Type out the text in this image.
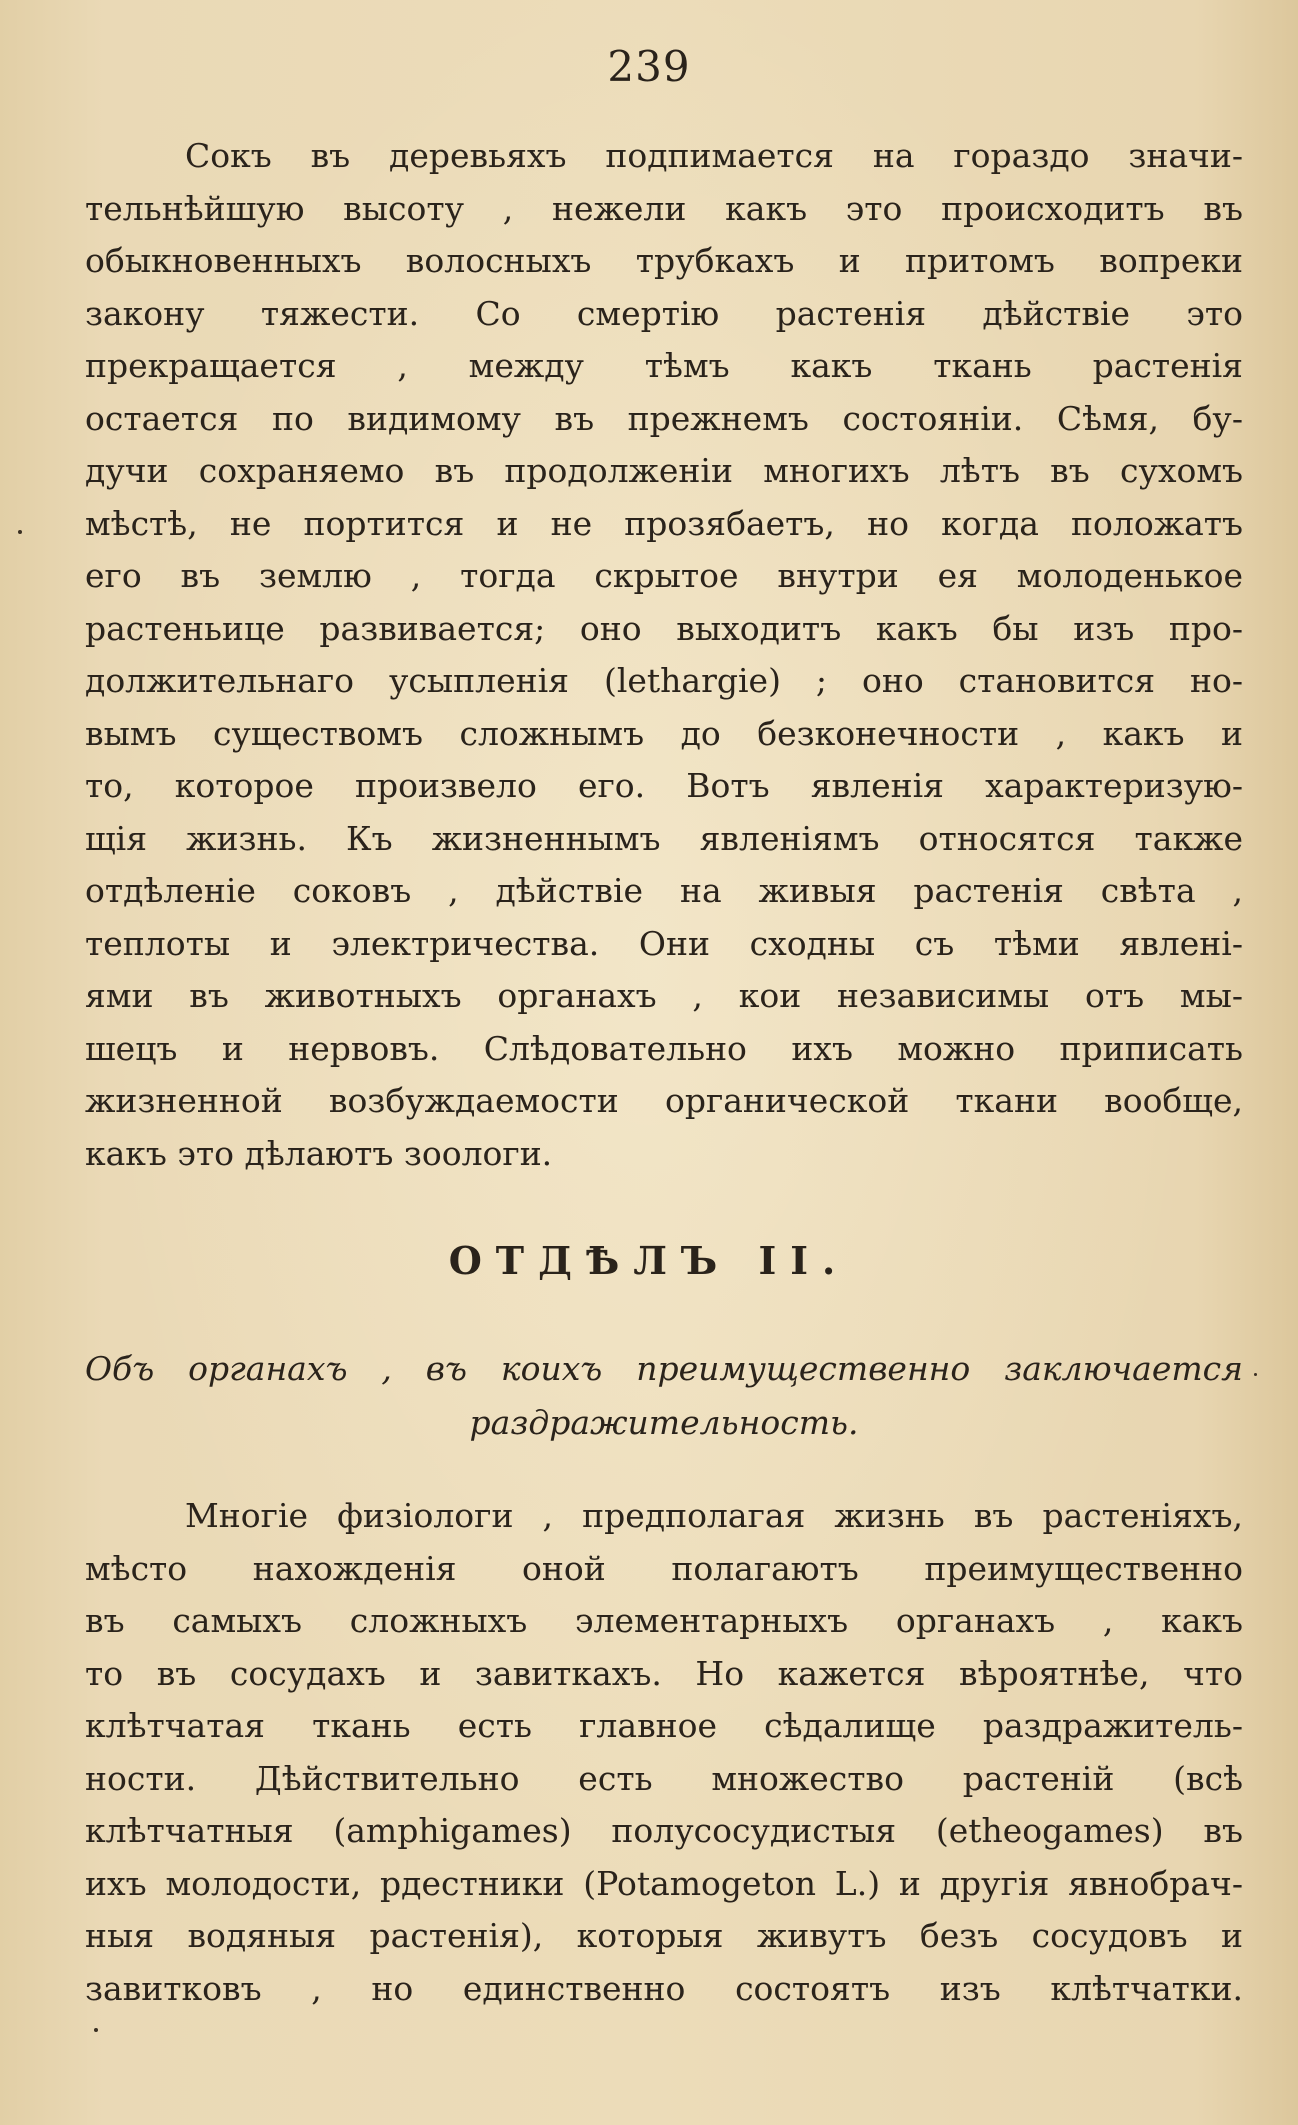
239
Сокъ въ деревьяхъ подпимается на гораздо значи-
тельнѣйшую высоту , нежели какъ это происходитъ въ
обыкновенныхъ волосныхъ трубкахъ и притомъ вопреки
закону тяжести. Со смертію растенія дѣйствіе это
прекращается , между тѣмъ какъ ткань растенія
остается по видимому въ прежнемъ состояніи. Сѣмя, бу-
дучи сохраняемо въ продолженіи многихъ лѣтъ въ сухомъ
мѣстѣ, не портится и не прозябаетъ, но когда положатъ
его въ землю , тогда скрытое внутри ея молоденькое
растеньице развивается; оно выходитъ какъ бы изъ про-
должительнаго усыпленія (lethargie) ; оно становится но-
вымъ существомъ сложнымъ до безконечности , какъ и
то, которое произвело его. Вотъ явленія характеризую-
щія жизнь. Къ жизненнымъ явленіямъ относятся также
отдѣленіе соковъ , дѣйствіе на живыя растенія свѣта ,
теплоты и электричества. Они сходны съ тѣми явлені-
ями въ животныхъ органахъ , кои независимы отъ мы-
шецъ и нервовъ. Слѣдовательно ихъ можно приписать
жизненной возбуждаемости органической ткани вообще,
какъ это дѣлаютъ зоологи.
ОТДѢЛЪ II.
Объ органахъ , въ коихъ преимущественно заключается
раздражительность.
Многіе физіологи , предполагая жизнь въ растеніяхъ,
мѣсто нахожденія оной полагаютъ преимущественно
въ самыхъ сложныхъ элементарныхъ органахъ , какъ
то въ сосудахъ и завиткахъ. Но кажется вѣроятнѣе, что
клѣтчатая ткань есть главное сѣдалище раздражитель-
ности. Дѣйствительно есть множество растеній (всѣ
клѣтчатныя (amphigames) полусосудистыя (etheogames) въ
ихъ молодости, рдестники (Potamogeton L.) и другія явнобрач-
ныя водяныя растенія), которыя живутъ безъ сосудовъ и
завитковъ , но единственно состоятъ изъ клѣтчатки.
